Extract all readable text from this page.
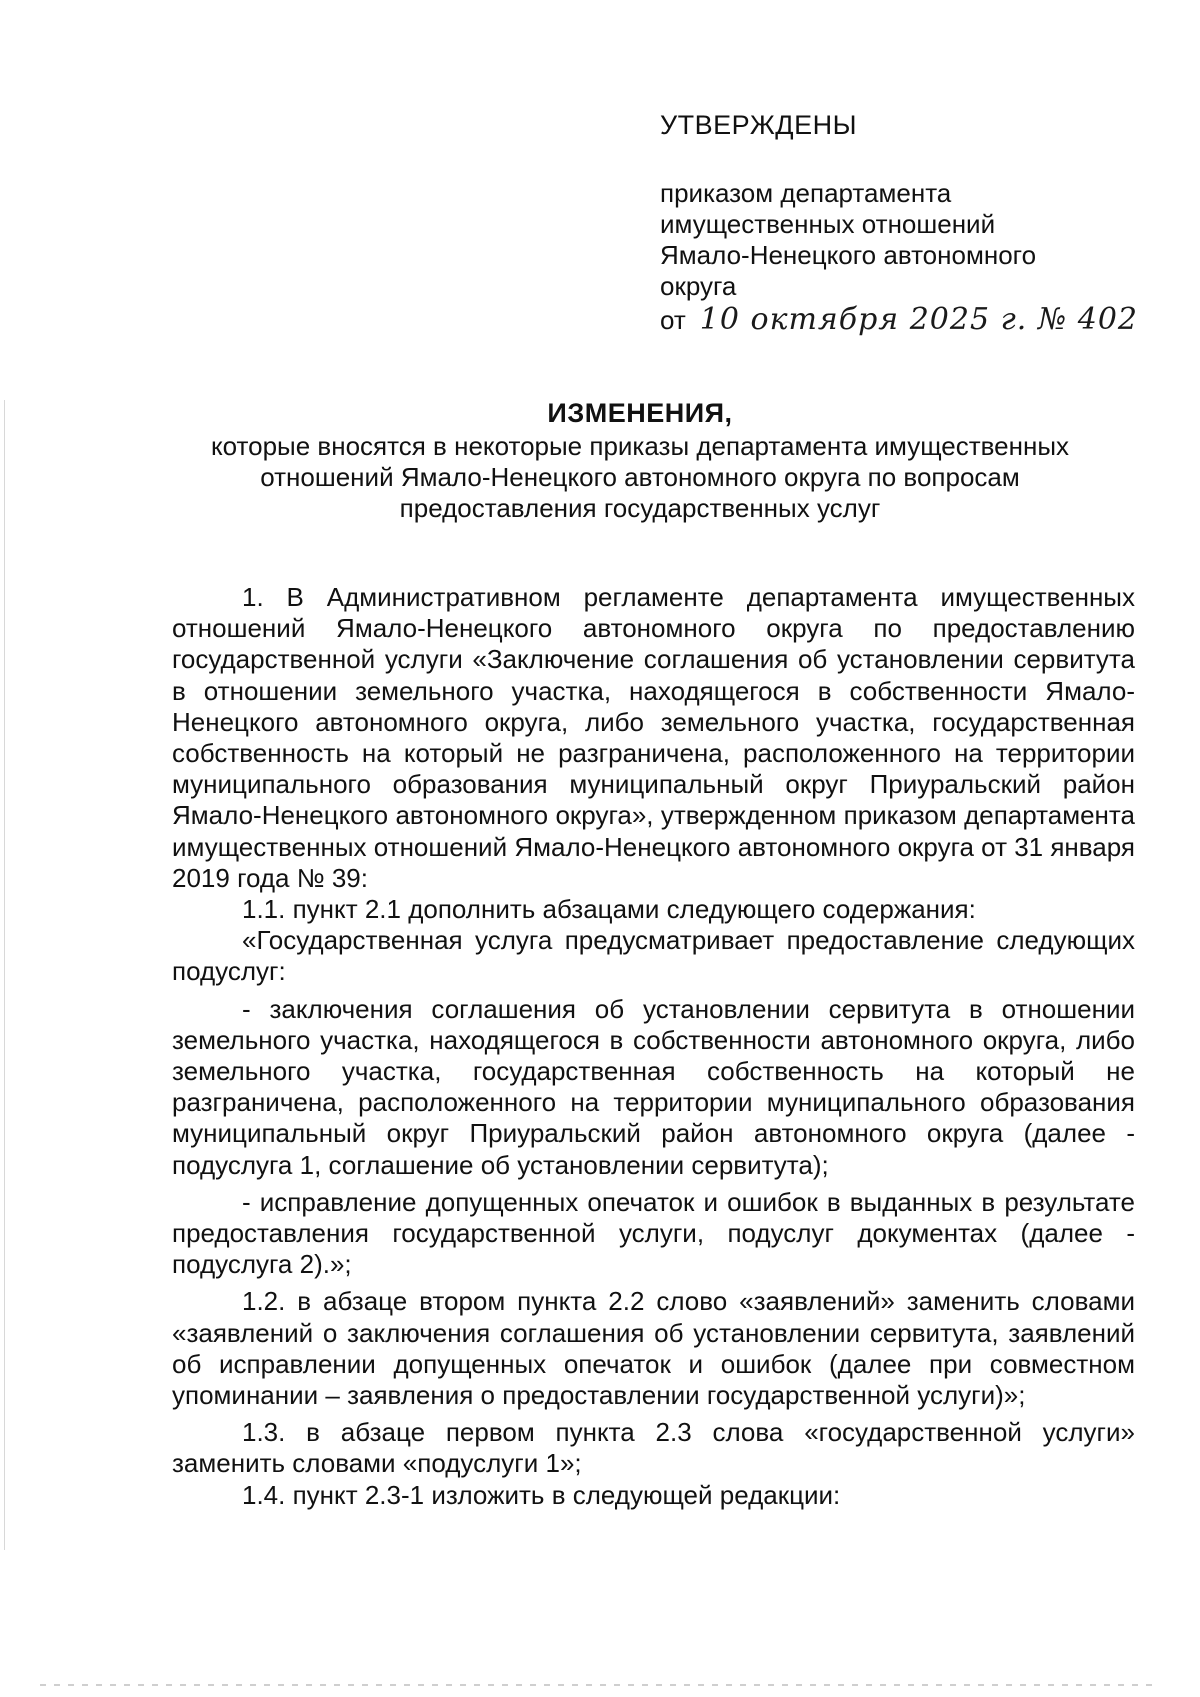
УТВЕРЖДЕНЫ
приказом департамента
имущественных отношений
Ямало-Ненецкого автономного
округа
от 10 октября 2025 г. № 402
ИЗМЕНЕНИЯ,
которые вносятся в некоторые приказы департамента имущественных
отношений Ямало-Ненецкого автономного округа по вопросам
предоставления государственных услуг

1. В Административном регламенте департамента имущественных отношений Ямало-Ненецкого автономного округа по предоставлению государственной услуги «Заключение соглашения об установлении сервитута в отношении земельного участка, находящегося в собственности Ямало-Ненецкого автономного округа, либо земельного участка, государственная собственность на который не разграничена, расположенного на территории муниципального образования муниципальный округ Приуральский район Ямало-Ненецкого автономного округа», утвержденном приказом департамента имущественных отношений Ямало-Ненецкого автономного округа от 31 января 2019 года № 39:

1.1. пункт 2.1 дополнить абзацами следующего содержания:

«Государственная услуга предусматривает предоставление следующих подуслуг:

- заключения соглашения об установлении сервитута в отношении земельного участка, находящегося в собственности автономного округа, либо земельного участка, государственная собственность на который не разграничена, расположенного на территории муниципального образования муниципальный округ Приуральский район автономного округа (далее - подуслуга 1, соглашение об установлении сервитута);

- исправление допущенных опечаток и ошибок в выданных в результате предоставления государственной услуги, подуслуг документах (далее - подуслуга 2).»;

1.2. в абзаце втором пункта 2.2 слово «заявлений» заменить словами «заявлений о заключения соглашения об установлении сервитута, заявлений об исправлении допущенных опечаток и ошибок (далее при совместном упоминании – заявления о предоставлении государственной услуги)»;

1.3. в абзаце первом пункта 2.3 слова «государственной услуги» заменить словами «подуслуги 1»;

1.4. пункт 2.3-1 изложить в следующей редакции:
